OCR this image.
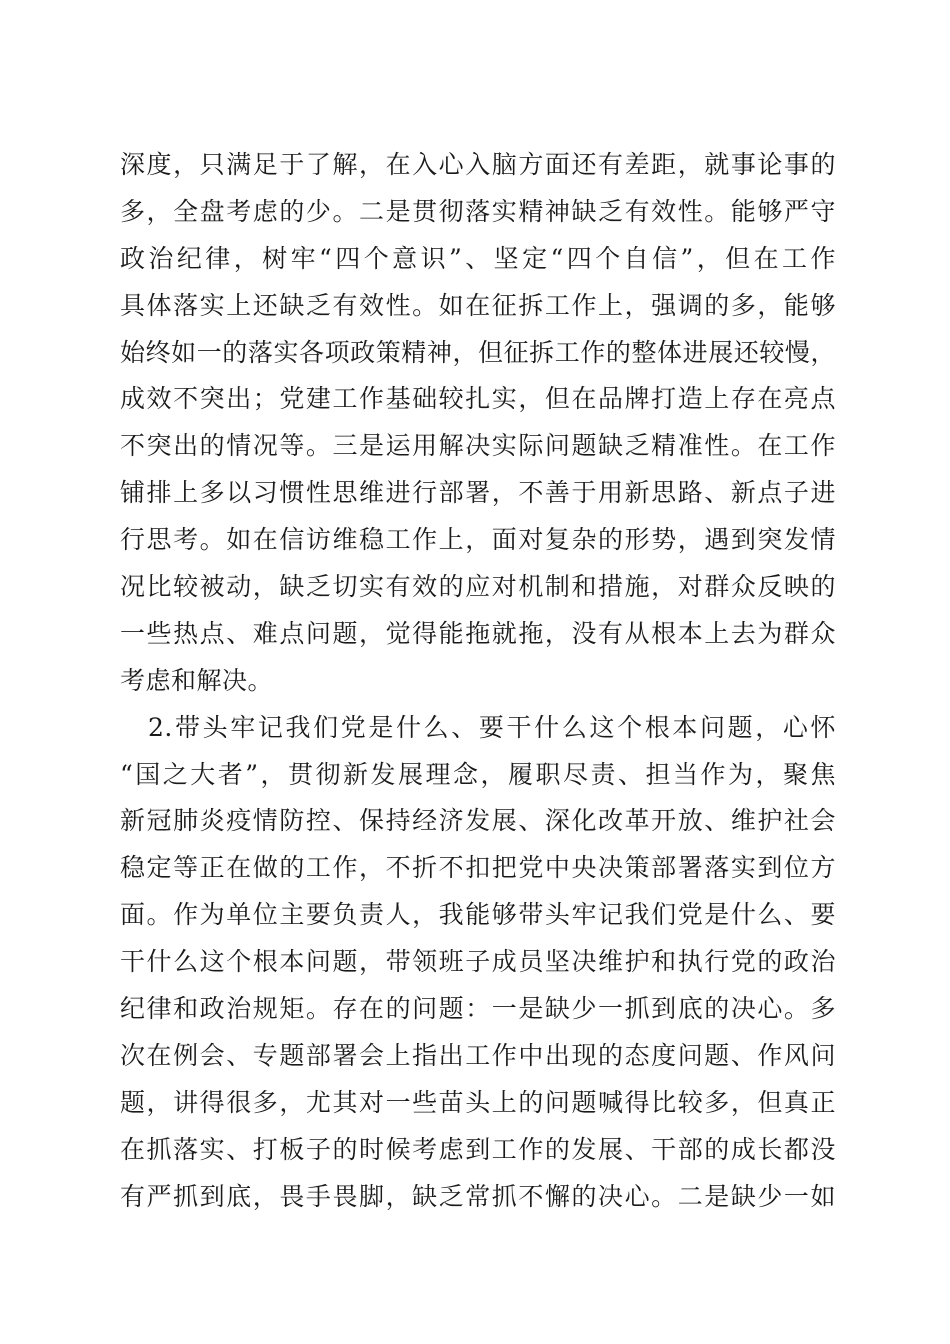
深度，只满足于了解，在入心入脑方面还有差距，就事论事的
多，全盘考虑的少。二是贯彻落实精神缺乏有效性。能够严守
政治纪律，树牢“四个意识”、坚定“四个自信”，但在工作
具体落实上还缺乏有效性。如在征拆工作上，强调的多，能够
始终如一的落实各项政策精神，但征拆工作的整体进展还较慢，
成效不突出；党建工作基础较扎实，但在品牌打造上存在亮点
不突出的情况等。三是运用解决实际问题缺乏精准性。在工作
铺排上多以习惯性思维进行部署，不善于用新思路、新点子进
行思考。如在信访维稳工作上，面对复杂的形势，遇到突发情
况比较被动，缺乏切实有效的应对机制和措施，对群众反映的
一些热点、难点问题，觉得能拖就拖，没有从根本上去为群众
考虑和解决。
2.带头牢记我们党是什么、要干什么这个根本问题，心怀
“国之大者”，贯彻新发展理念，履职尽责、担当作为，聚焦
新冠肺炎疫情防控、保持经济发展、深化改革开放、维护社会
稳定等正在做的工作，不折不扣把党中央决策部署落实到位方
面。作为单位主要负责人，我能够带头牢记我们党是什么、要
干什么这个根本问题，带领班子成员坚决维护和执行党的政治
纪律和政治规矩。存在的问题：一是缺少一抓到底的决心。多
次在例会、专题部署会上指出工作中出现的态度问题、作风问
题，讲得很多，尤其对一些苗头上的问题喊得比较多，但真正
在抓落实、打板子的时候考虑到工作的发展、干部的成长都没
有严抓到底，畏手畏脚，缺乏常抓不懈的决心。二是缺少一如
